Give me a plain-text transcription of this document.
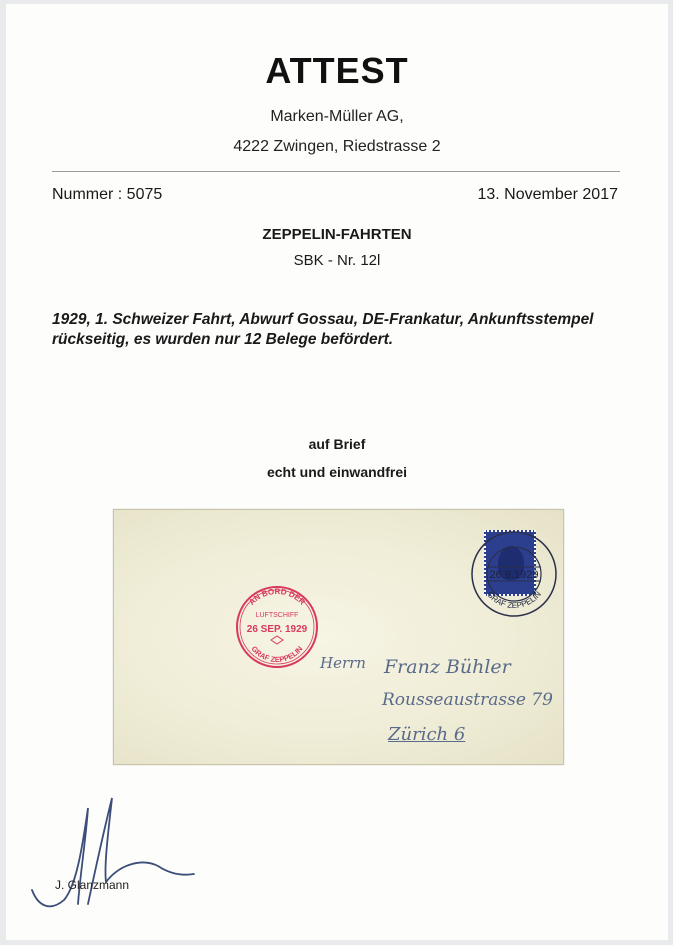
ATTEST
Marken-Müller AG,
4222 Zwingen, Riedstrasse 2
Nummer : 5075	13. November 2017
ZEPPELIN-FAHRTEN
SBK - Nr. 12l
1929, 1. Schweizer Fahrt, Abwurf Gossau, DE-Frankatur, Ankunftsstempel rückseitig, es wurden nur 12 Belege befördert.
auf Brief
echt und einwandfrei
26.9.1929
GRAF ZEPPELIN
AN BORD DER
LUFTSCHIFF
26 SEP. 1929
GRAF ZEPPELIN
Herrn Franz Bühler
Rousseaustrasse 79
Zürich 6
J. Glanzmann
